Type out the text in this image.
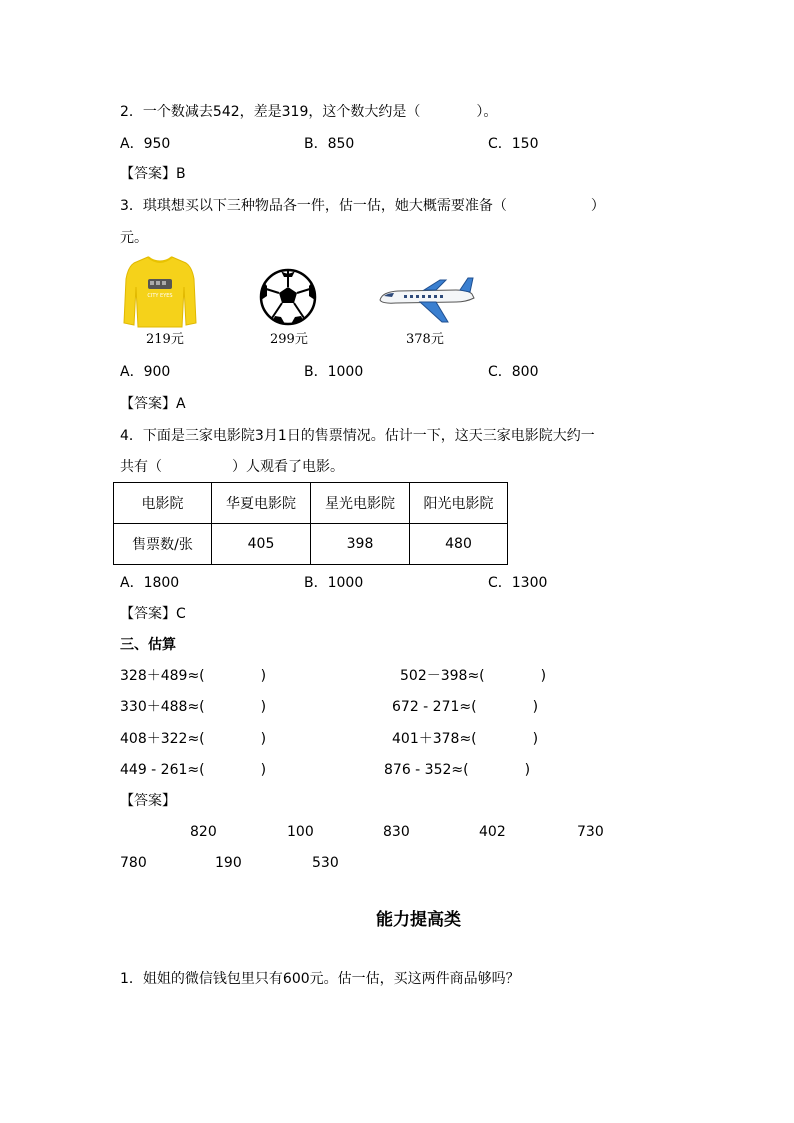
2．一个数减去542，差是319，这个数大约是（　　　　）。
A．950	B．850	C．150
【答案】B
3．琪琪想买以下三种物品各一件，估一估，她大概需要准备（　　　　　　）
元。
CITY EYES
219元	299元	378元
A．900	B．1000	C．800
【答案】A
4．下面是三家电影院3月1日的售票情况。估计一下，这天三家电影院大约一
共有（　　　　　）人观看了电影。
电影院	华夏电影院	星光电影院	阳光电影院
售票数/张	405	398	480
A．1800	B．1000	C．1300
【答案】C
三、估算
328＋489≈(　　　　)	502－398≈(　　　　)
330＋488≈(　　　　)	672 - 271≈(　　　　)
408＋322≈(　　　　)	401＋378≈(　　　　)
449 - 261≈(　　　　)	876 - 352≈(　　　　)
【答案】
820	100	830	402	730
780	190	530
能力提高类
1．姐姐的微信钱包里只有600元。估一估，买这两件商品够吗？
